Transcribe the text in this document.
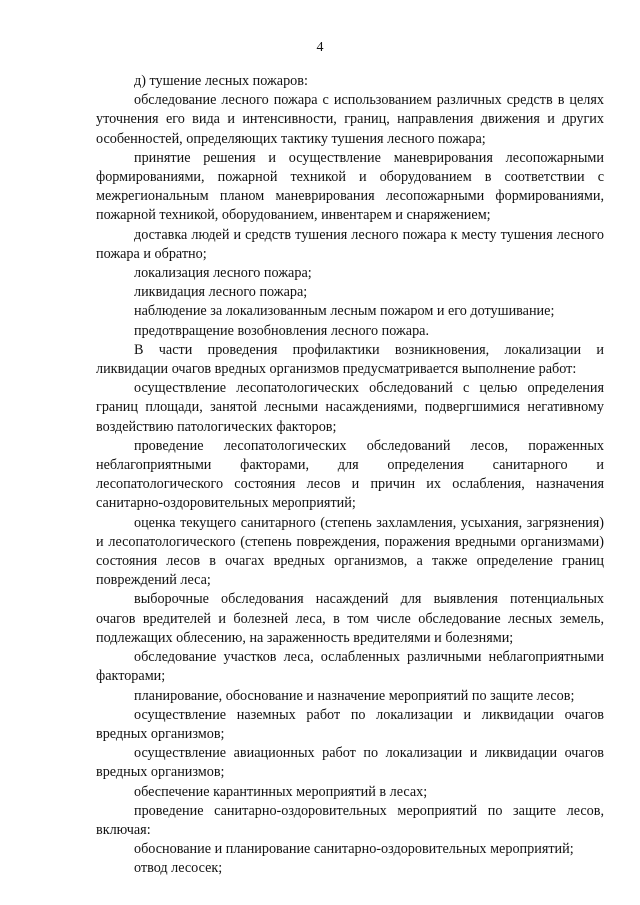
4

д) тушение лесных пожаров:

обследование лесного пожара с использованием различных средств в целях уточнения его вида и интенсивности, границ, направления движения и других особенностей, определяющих тактику тушения лесного пожара;

принятие решения и осуществление маневрирования лесопожарными формированиями, пожарной техникой и оборудованием в соответствии с межрегиональным планом маневрирования лесопожарными формированиями, пожарной техникой, оборудованием, инвентарем и снаряжением;

доставка людей и средств тушения лесного пожара к месту тушения лесного пожара и обратно;

локализация лесного пожара;

ликвидация лесного пожара;

наблюдение за локализованным лесным пожаром и его дотушивание;

предотвращение возобновления лесного пожара.

В части проведения профилактики возникновения, локализации и ликвидации очагов вредных организмов предусматривается выполнение работ:

осуществление лесопатологических обследований с целью определения границ площади, занятой лесными насаждениями, подвергшимися негативному воздействию патологических факторов;

проведение лесопатологических обследований лесов, пораженных неблагоприятными факторами, для определения санитарного и лесопатологического состояния лесов и причин их ослабления, назначения санитарно-оздоровительных мероприятий;

оценка текущего санитарного (степень захламления, усыхания, загрязнения) и лесопатологического (степень повреждения, поражения вредными организмами) состояния лесов в очагах вредных организмов, а также определение границ повреждений леса;

выборочные обследования насаждений для выявления потенциальных очагов вредителей и болезней леса, в том числе обследование лесных земель, подлежащих облесению, на зараженность вредителями и болезнями;

обследование участков леса, ослабленных различными неблагоприятными факторами;

планирование, обоснование и назначение мероприятий по защите лесов;

осуществление наземных работ по локализации и ликвидации очагов вредных организмов;

осуществление авиационных работ по локализации и ликвидации очагов вредных организмов;

обеспечение карантинных мероприятий в лесах;

проведение санитарно-оздоровительных мероприятий по защите лесов, включая:

обоснование и планирование санитарно-оздоровительных мероприятий;

отвод лесосек;
